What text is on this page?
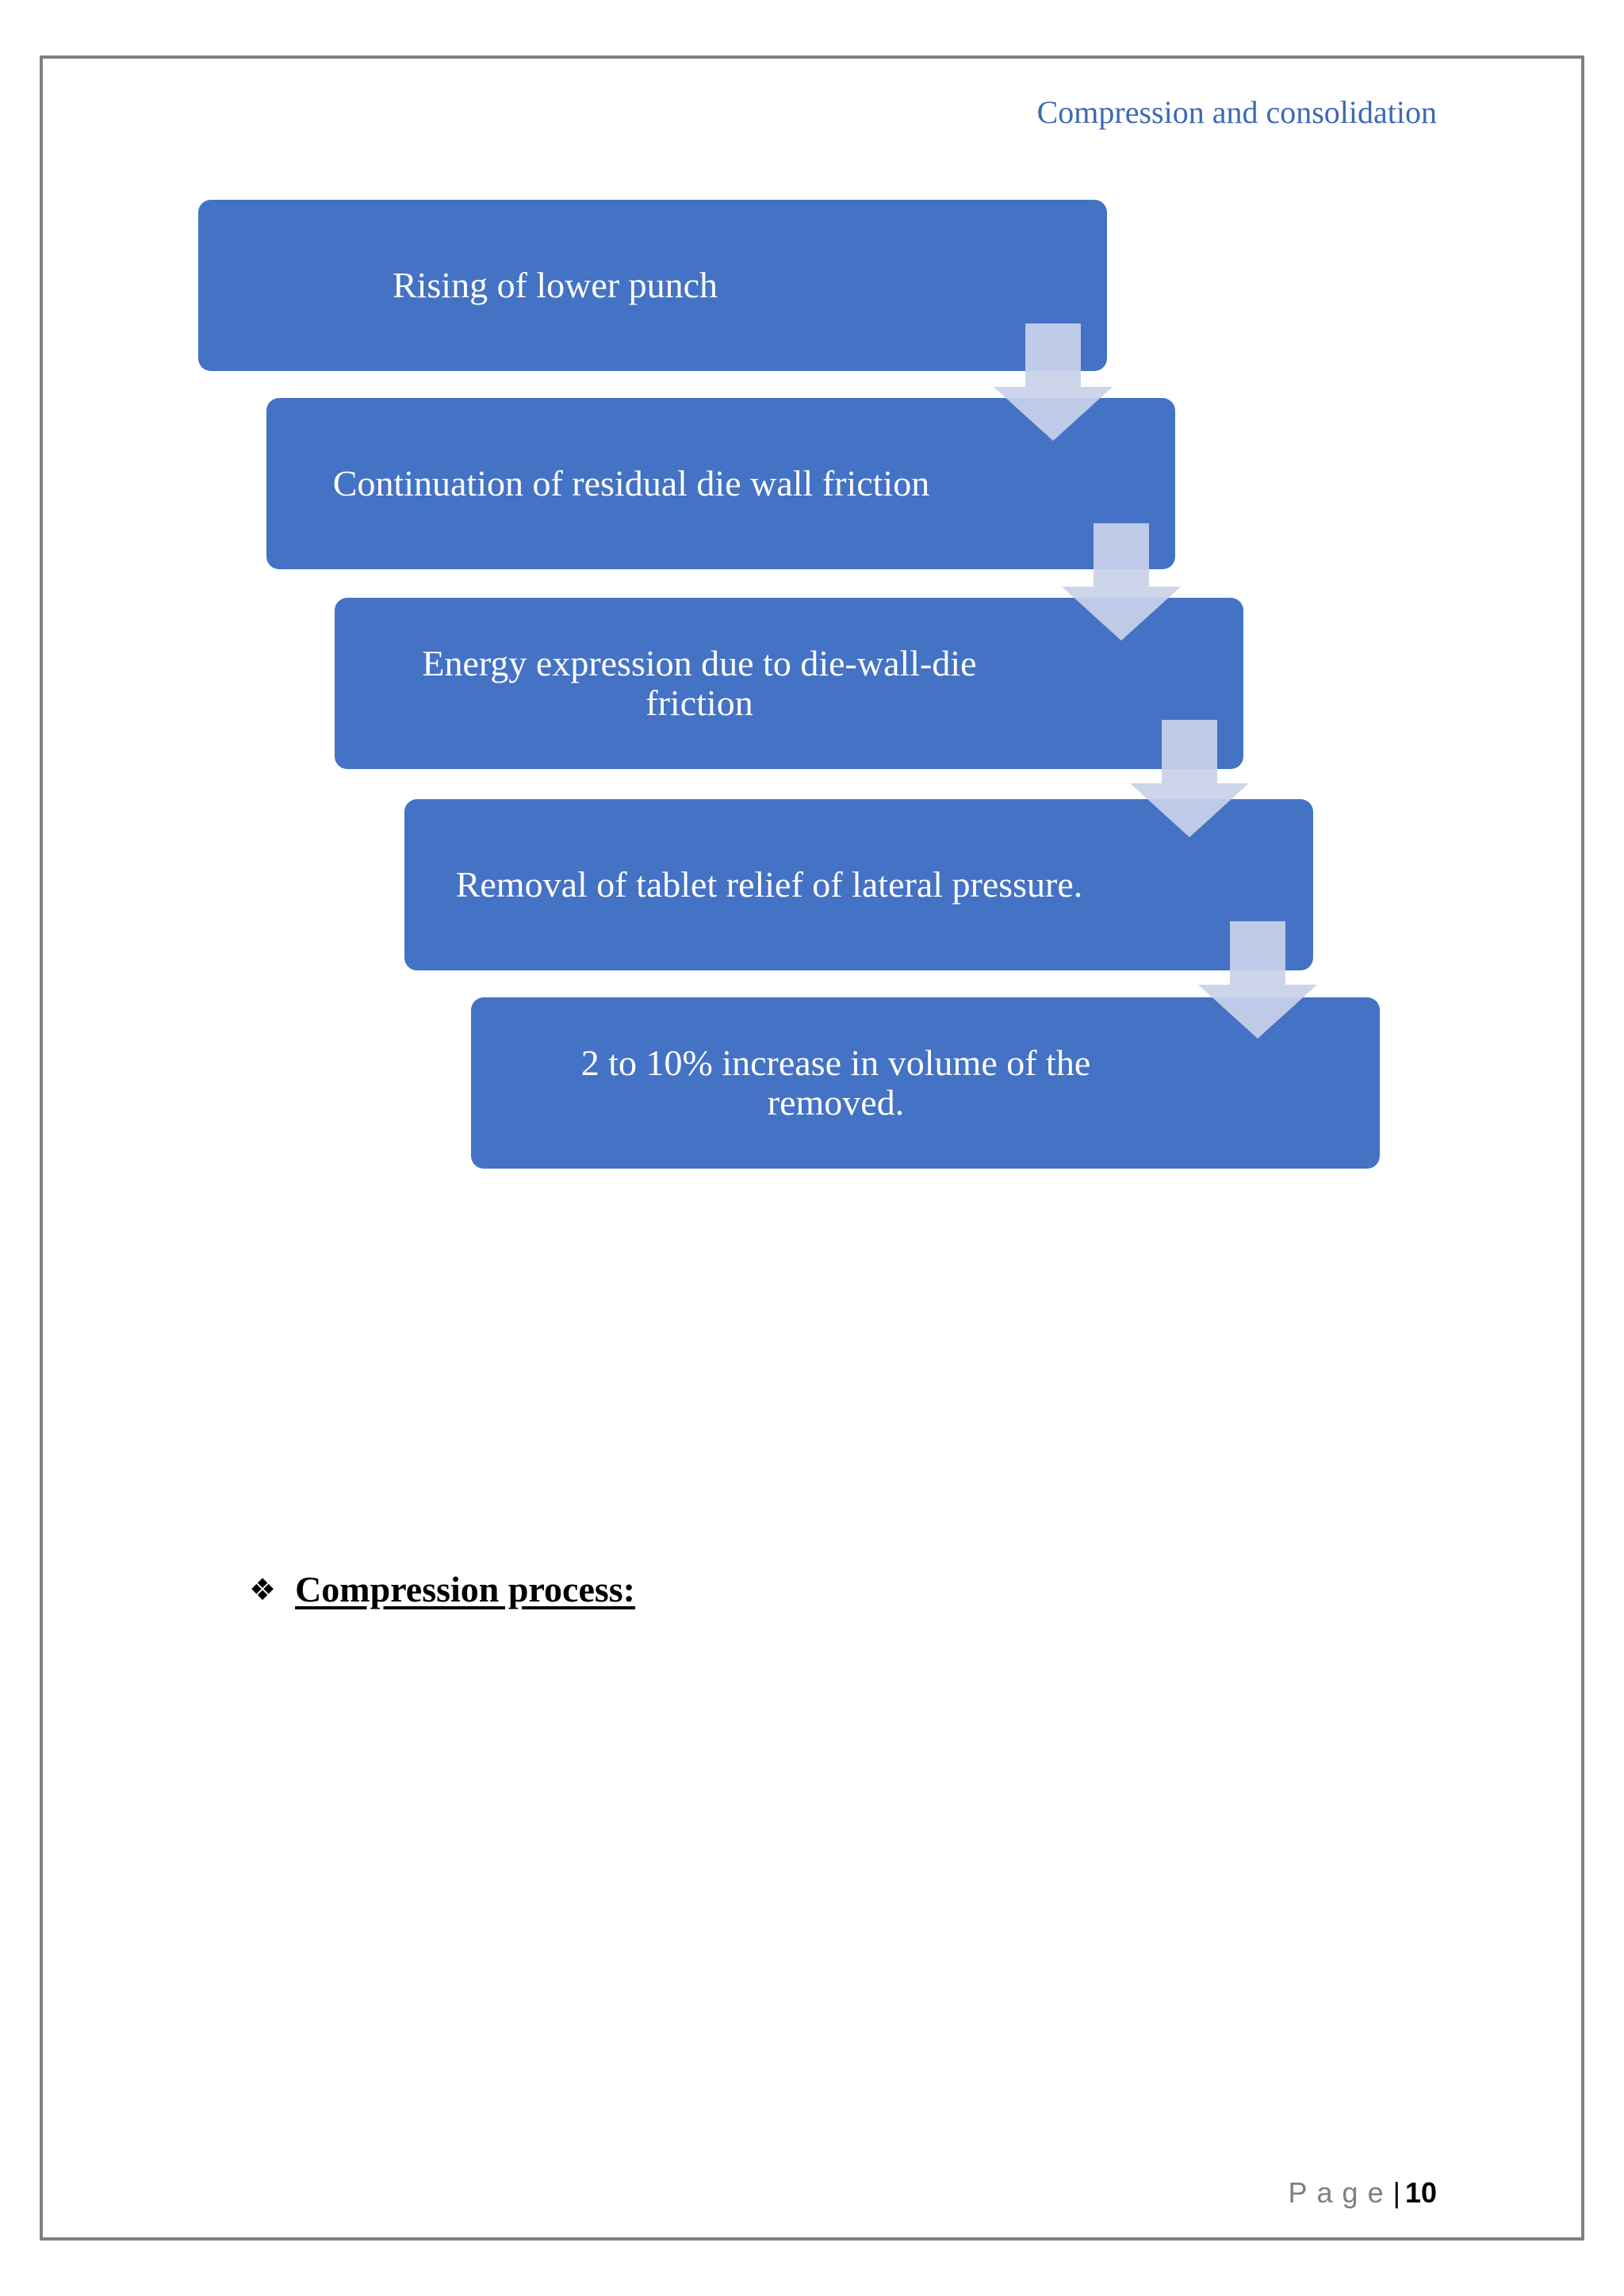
Compression and consolidation
Rising of lower punch
Continuation of residual die wall friction
Energy expression due to die-wall-die
friction
Removal of tablet relief of lateral pressure.
2 to 10% increase in volume of the
removed.
❖ Compression process:
Page | 10
